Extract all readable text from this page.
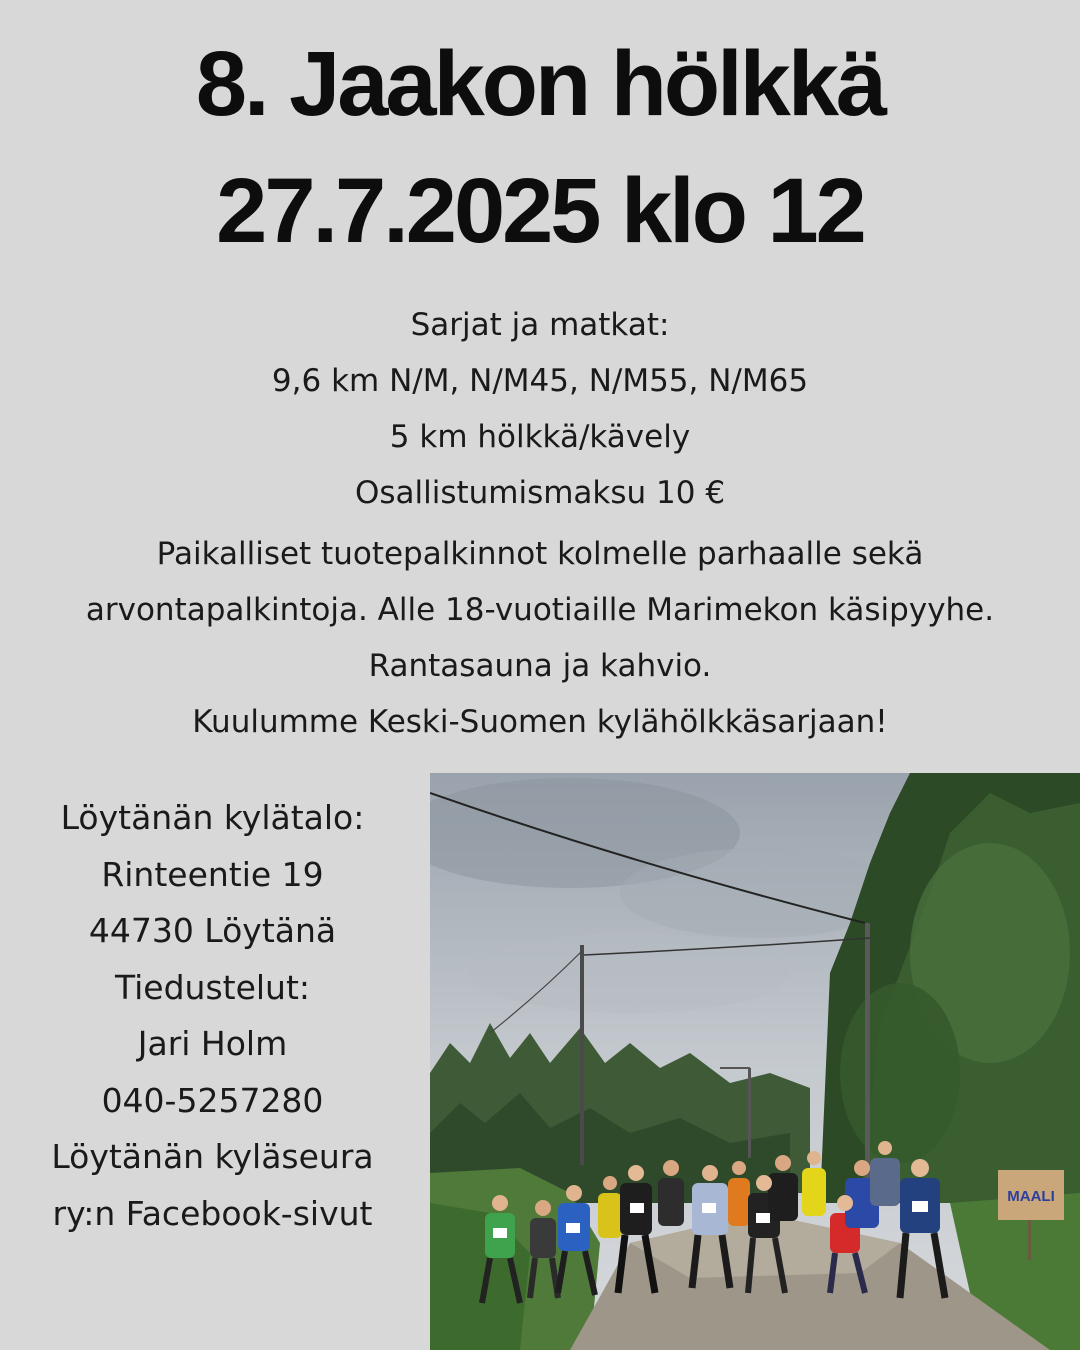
8. Jaakon hölkkä
27.7.2025 klo 12
Sarjat ja matkat:
9,6 km N/M, N/M45, N/M55, N/M65
5 km hölkkä/kävely
Osallistumismaksu 10 €
Paikalliset tuotepalkinnot kolmelle parhaalle sekä
arvontapalkintoja. Alle 18-vuotiaille Marimekon käsipyyhe.
Rantasauna ja kahvio.
Kuulumme Keski-Suomen kylähölkkäsarjaan!
Löytänän kylätalo:
Rinteentie 19
44730 Löytänä
Tiedustelut:
Jari Holm
040-5257280
Löytänän kyläseura
ry:n Facebook-sivut	MAALI
